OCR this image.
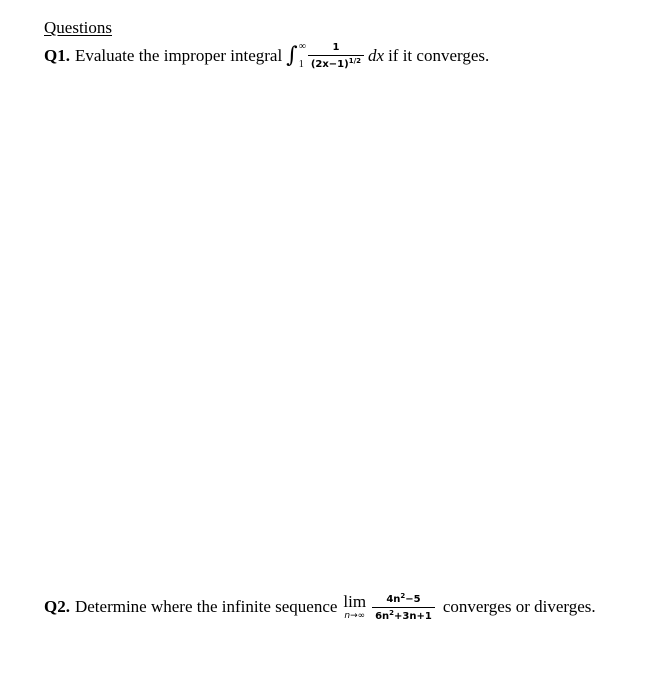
Questions
Q1. Evaluate the improper integral ∫ ∞
$1 \frac{1}{(2x-1)^{1/2}}$ dx if it converges.
Q2. Determine where the infinite sequence lim
$n\to\infty \frac{4n^2-5}{6n^2+3n+1}$ converges or diverges.
